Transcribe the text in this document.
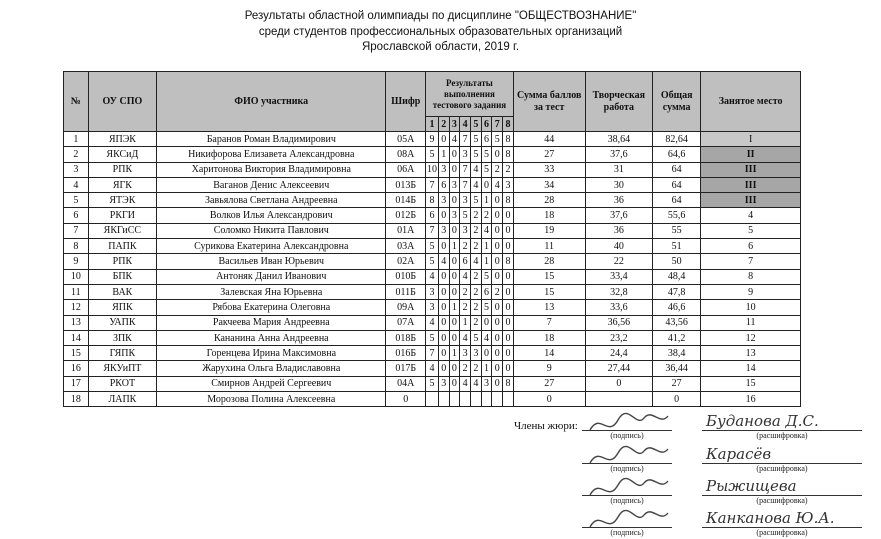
Результаты областной олимпиады по дисциплине "ОБЩЕСТВОЗНАНИЕ"
среди студентов профессиональных образовательных организаций
Ярославской области, 2019 г.
№	ОУ СПО	ФИО участника	Шифр	Результаты выполнения тестового задания								Сумма баллов за тест	Творческая работа	Общая сумма	Занятое место
				1	2	3	4	5	6	7	8				
1	ЯПЭК	Баранов Роман Владимирович	05А	9	0	4	7	5	6	5	8	44	38,64	82,64	I
2	ЯКСиД	Никифорова Елизавета Александровна	08А	5	1	0	3	5	5	0	8	27	37,6	64,6	II
3	РПК	Харитонова Виктория Владимировна	06А	10	3	0	7	4	5	2	2	33	31	64	III
4	ЯГК	Ваганов Денис Алексеевич	013Б	7	6	3	7	4	0	4	3	34	30	64	III
5	ЯТЭК	Завьялова Светлана Андреевна	014Б	8	3	0	3	5	1	0	8	28	36	64	III
6	РКГИ	Волков Илья Александрович	012Б	6	0	3	5	2	2	0	0	18	37,6	55,6	4
7	ЯКГиСС	Соломко Никита Павлович	01А	7	3	0	3	2	4	0	0	19	36	55	5
8	ПАПК	Сурикова Екатерина Александровна	03А	5	0	1	2	2	1	0	0	11	40	51	6
9	РПК	Васильев Иван Юрьевич	02А	5	4	0	6	4	1	0	8	28	22	50	7
10	БПК	Антоняк Данил Иванович	010Б	4	0	0	4	2	5	0	0	15	33,4	48,4	8
11	ВАК	Залевская Яна Юрьевна	011Б	3	0	0	2	2	6	2	0	15	32,8	47,8	9
12	ЯПК	Рябова Екатерина Олеговна	09А	3	0	1	2	2	5	0	0	13	33,6	46,6	10
13	УАПК	Ракчеева Мария Андреевна	07А	4	0	0	1	2	0	0	0	7	36,56	43,56	11
14	ЗПК	Кананина Анна Андреевна	018Б	5	0	0	4	5	4	0	0	18	23,2	41,2	12
15	ГЯПК	Горенцева Ирина Максимовна	016Б	7	0	1	3	3	0	0	0	14	24,4	38,4	13
16	ЯКУиПТ	Жарухина Ольга Владиславовна	017Б	4	0	0	2	2	1	0	0	9	27,44	36,44	14
17	РКОТ	Смирнов Андрей Сергеевич	04А	5	3	0	4	4	3	0	8	27	0	27	15
18	ЛАПК	Морозова Полина Алексеевна	0									0		0	16
Члены жюри:
(подпись)
Буданова Д.С.
(расшифровка)
(подпись)
Карасёв
(расшифровка)
(подпись)
Рыжищева
(расшифровка)
(подпись)
Канканова Ю.А.
(расшифровка)
